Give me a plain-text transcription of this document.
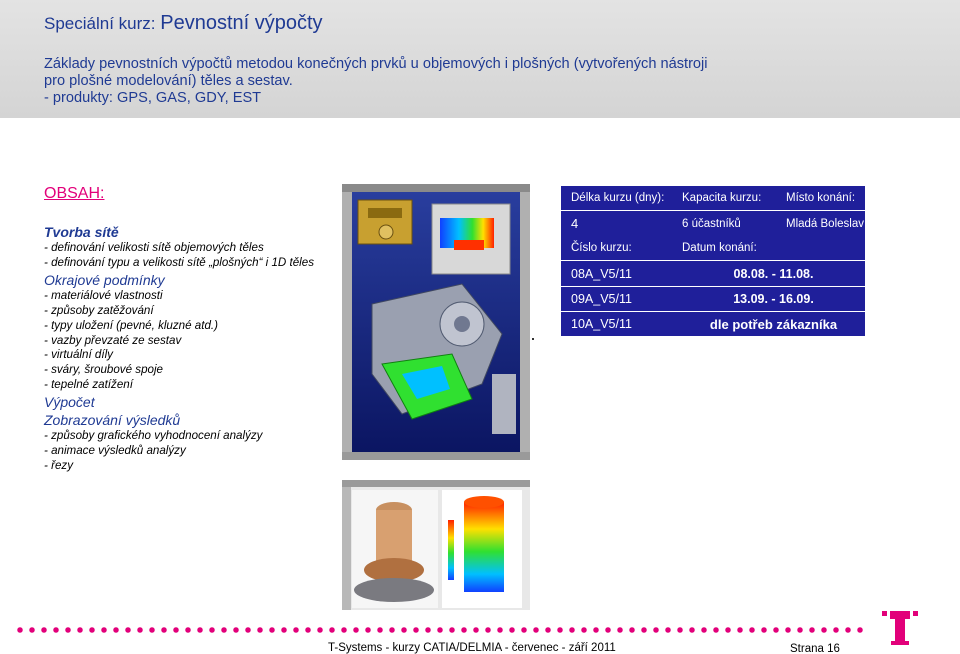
Speciální kurz: Pevnostní výpočty
Základy pevnostních výpočtů metodou konečných prvků u objemových i plošných (vytvořených nástroji
pro plošné modelování) těles a sestav.
- produkty: GPS, GAS, GDY, EST
OBSAH:
Tvorba sítě
- definování velikosti sítě objemových těles
- definování typu a velikosti sítě „plošných“ i 1D těles
Okrajové podmínky
- materiálové vlastnosti
- způsoby zatěžování
- typy uložení (pevné, kluzné atd.)
- vazby převzaté ze sestav
- virtuální díly
- sváry, šroubové spoje
- tepelné zatížení
Výpočet
Zobrazování výsledků
- způsoby grafického vyhodnocení analýzy
- animace výsledků analýzy
- řezy
Délka kurzu (dny): Kapacita kurzu: Místo konání:
4	6 účastníků	Mladá Boleslav
Číslo kurzu:	Datum konání:
08A_V5/11	08.08. - 11.08.
09A_V5/11	13.09. - 16.09.
10A_V5/11	dle potřeb zákazníka
T-Systems - kurzy CATIA/DELMIA - červenec - září 2011	Strana 16
